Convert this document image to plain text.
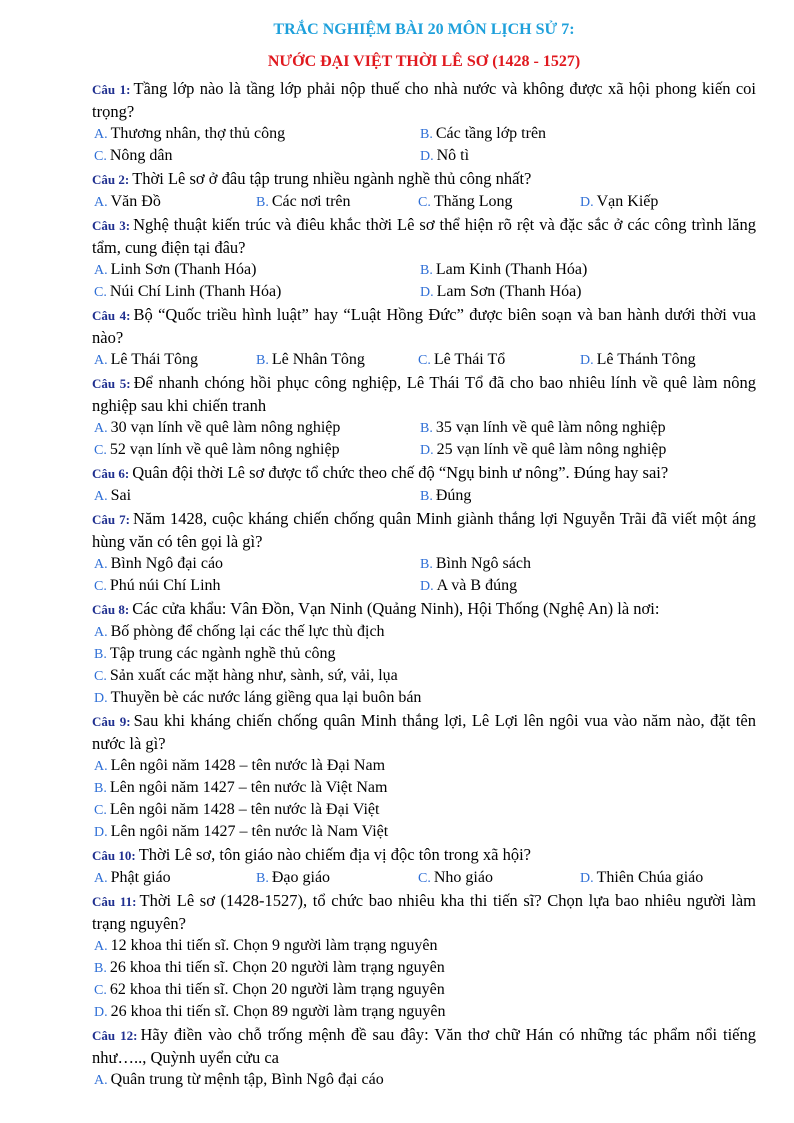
TRẮC NGHIỆM BÀI 20 MÔN LỊCH SỬ 7:
NƯỚC ĐẠI VIỆT THỜI LÊ SƠ (1428 - 1527)
Câu 1: Tầng lớp nào là tầng lớp phải nộp thuế cho nhà nước và không được xã hội phong kiến coi trọng?
A. Thương nhân, thợ thủ công	B. Các tầng lớp trên
C. Nông dân	D. Nô tì
Câu 2: Thời Lê sơ ở đâu tập trung nhiều ngành nghề thủ công nhất?
A. Văn Đồ	B. Các nơi trên	C. Thăng Long	D. Vạn Kiếp
Câu 3: Nghệ thuật kiến trúc và điêu khắc thời Lê sơ thể hiện rõ rệt và đặc sắc ở các công trình lăng tẩm, cung điện tại đâu?
A. Linh Sơn (Thanh Hóa)	B. Lam Kinh (Thanh Hóa)
C. Núi Chí Linh (Thanh Hóa)	D. Lam Sơn (Thanh Hóa)
Câu 4: Bộ “Quốc triều hình luật” hay “Luật Hồng Đức” được biên soạn và ban hành dưới thời vua nào?
A. Lê Thái Tông	B. Lê Nhân Tông	C. Lê Thái Tổ	D. Lê Thánh Tông
Câu 5: Để nhanh chóng hồi phục công nghiệp, Lê Thái Tổ đã cho bao nhiêu lính về quê làm nông nghiệp sau khi chiến tranh
A. 30 vạn lính về quê làm nông nghiệp	B. 35 vạn lính về quê làm nông nghiệp
C. 52 vạn lính về quê làm nông nghiệp	D. 25 vạn lính về quê làm nông nghiệp
Câu 6: Quân đội thời Lê sơ được tổ chức theo chế độ “Ngụ binh ư nông”. Đúng hay sai?
A. Sai	B. Đúng
Câu 7: Năm 1428, cuộc kháng chiến chống quân Minh giành thắng lợi Nguyễn Trãi đã viết một áng hùng văn có tên gọi là gì?
A. Bình Ngô đại cáo	B. Bình Ngô sách
C. Phú núi Chí Linh	D. A và B đúng
Câu 8: Các cửa khẩu: Vân Đồn, Vạn Ninh (Quảng Ninh), Hội Thống (Nghệ An) là nơi:
A. Bố phòng để chống lại các thế lực thù địch
B. Tập trung các ngành nghề thủ công
C. Sản xuất các mặt hàng như, sành, sứ, vải, lụa
D. Thuyền bè các nước láng giềng qua lại buôn bán
Câu 9: Sau khi kháng chiến chống quân Minh thắng lợi, Lê Lợi lên ngôi vua vào năm nào, đặt tên nước là gì?
A. Lên ngôi năm 1428 – tên nước là Đại Nam
B. Lên ngôi năm 1427 – tên nước là Việt Nam
C. Lên ngôi năm 1428 – tên nước là Đại Việt
D. Lên ngôi năm 1427 – tên nước là Nam Việt
Câu 10: Thời Lê sơ, tôn giáo nào chiếm địa vị độc tôn trong xã hội?
A. Phật giáo	B. Đạo giáo	C. Nho giáo	D. Thiên Chúa giáo
Câu 11: Thời Lê sơ (1428-1527), tổ chức bao nhiêu kha thi tiến sĩ? Chọn lựa bao nhiêu người làm trạng nguyên?
A. 12 khoa thi tiến sĩ. Chọn 9 người làm trạng nguyên
B. 26 khoa thi tiến sĩ. Chọn 20 người làm trạng nguyên
C. 62 khoa thi tiến sĩ. Chọn 20 người làm trạng nguyên
D. 26 khoa thi tiến sĩ. Chọn 89 người làm trạng nguyên
Câu 12: Hãy điền vào chỗ trống mệnh đề sau đây: Văn thơ chữ Hán có những tác phẩm nổi tiếng như….., Quỳnh uyển cửu ca
A. Quân trung từ mệnh tập, Bình Ngô đại cáo
